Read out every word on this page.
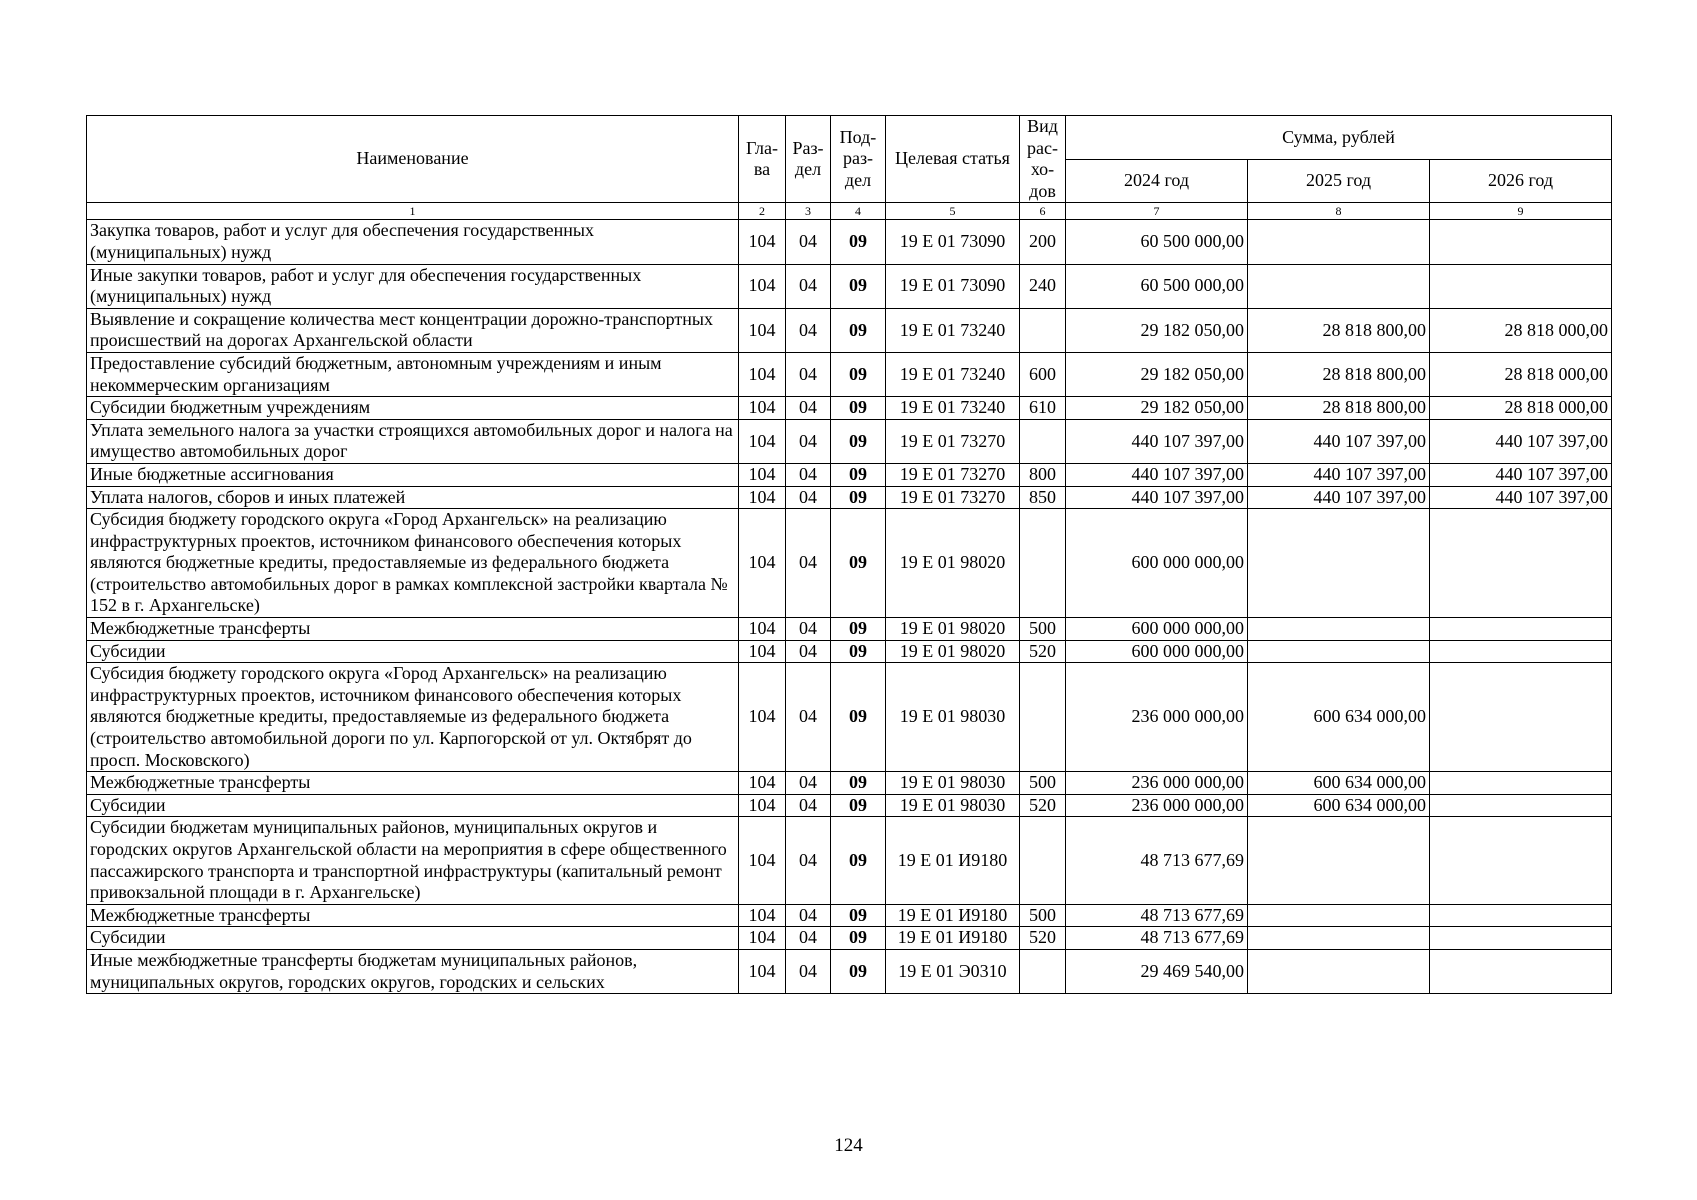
Наименование	Гла-ва	Раз-дел	Под-раз-дел	Целевая статья	Вид рас-хо-дов	Сумма, рублей		
						2024 год	2025 год	2026 год
1	2	3	4	5	6	7	8	9
Закупка товаров, работ и услуг для обеспечения государственных (муниципальных) нужд	104	04	09	19 Е 01 73090	200	60 500 000,00		
Иные закупки товаров, работ и услуг для обеспечения государственных (муниципальных) нужд	104	04	09	19 Е 01 73090	240	60 500 000,00		
Выявление и сокращение количества мест концентрации дорожно-транспортных происшествий на дорогах Архангельской области	104	04	09	19 Е 01 73240		29 182 050,00	28 818 800,00	28 818 000,00
Предоставление субсидий бюджетным, автономным учреждениям и иным некоммерческим организациям	104	04	09	19 Е 01 73240	600	29 182 050,00	28 818 800,00	28 818 000,00
Субсидии бюджетным учреждениям	104	04	09	19 Е 01 73240	610	29 182 050,00	28 818 800,00	28 818 000,00
Уплата земельного налога за участки строящихся автомобильных дорог и налога на имущество автомобильных дорог	104	04	09	19 Е 01 73270		440 107 397,00	440 107 397,00	440 107 397,00
Иные бюджетные ассигнования	104	04	09	19 Е 01 73270	800	440 107 397,00	440 107 397,00	440 107 397,00
Уплата налогов, сборов и иных платежей	104	04	09	19 Е 01 73270	850	440 107 397,00	440 107 397,00	440 107 397,00
Субсидия бюджету городского округа «Город Архангельск» на реализацию инфраструктурных проектов, источником финансового обеспечения которых являются бюджетные кредиты, предоставляемые из федерального бюджета (строительство автомобильных дорог в рамках комплексной застройки квартала № 152 в г. Архангельске)	104	04	09	19 Е 01 98020		600 000 000,00		
Межбюджетные трансферты	104	04	09	19 Е 01 98020	500	600 000 000,00		
Субсидии	104	04	09	19 Е 01 98020	520	600 000 000,00		
Субсидия бюджету городского округа «Город Архангельск» на реализацию инфраструктурных проектов, источником финансового обеспечения которых являются бюджетные кредиты, предоставляемые из федерального бюджета (строительство автомобильной дороги по ул. Карпогорской от ул. Октябрят до просп. Московского)	104	04	09	19 Е 01 98030		236 000 000,00	600 634 000,00	
Межбюджетные трансферты	104	04	09	19 Е 01 98030	500	236 000 000,00	600 634 000,00	
Субсидии	104	04	09	19 Е 01 98030	520	236 000 000,00	600 634 000,00	
Субсидии бюджетам муниципальных районов, муниципальных округов и городских округов Архангельской области на мероприятия в сфере общественного пассажирского транспорта и транспортной инфраструктуры (капитальный ремонт привокзальной площади в г. Архангельске)	104	04	09	19 Е 01 И9180		48 713 677,69		
Межбюджетные трансферты	104	04	09	19 Е 01 И9180	500	48 713 677,69		
Субсидии	104	04	09	19 Е 01 И9180	520	48 713 677,69		
Иные межбюджетные трансферты бюджетам муниципальных районов, муниципальных округов, городских округов, городских и сельских	104	04	09	19 Е 01 Э0310		29 469 540,00		
124
